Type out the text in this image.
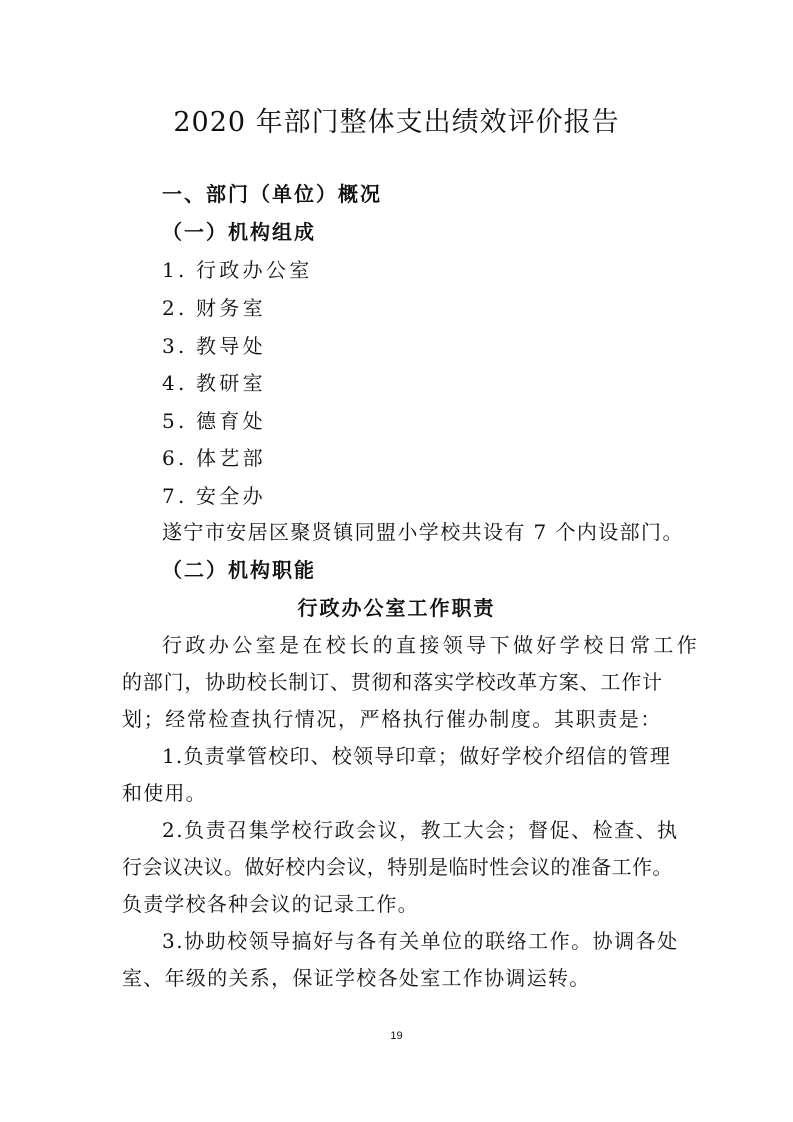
2020 年部门整体支出绩效评价报告

一、部门（单位）概况

（一）机构组成

1. 行政办公室

2. 财务室

3. 教导处

4. 教研室

5. 德育处

6. 体艺部

7. 安全办

遂宁市安居区聚贤镇同盟小学校共设有 7 个内设部门。

（二）机构职能

行政办公室工作职责

行政办公室是在校长的直接领导下做好学校日常工作

的部门，协助校长制订、贯彻和落实学校改革方案、工作计

划；经常检查执行情况，严格执行催办制度。其职责是：

1.负责掌管校印、校领导印章；做好学校介绍信的管理

和使用。

2.负责召集学校行政会议，教工大会；督促、检查、执

行会议决议。做好校内会议，特别是临时性会议的准备工作。

负责学校各种会议的记录工作。

3.协助校领导搞好与各有关单位的联络工作。协调各处

室、年级的关系，保证学校各处室工作协调运转。

19
